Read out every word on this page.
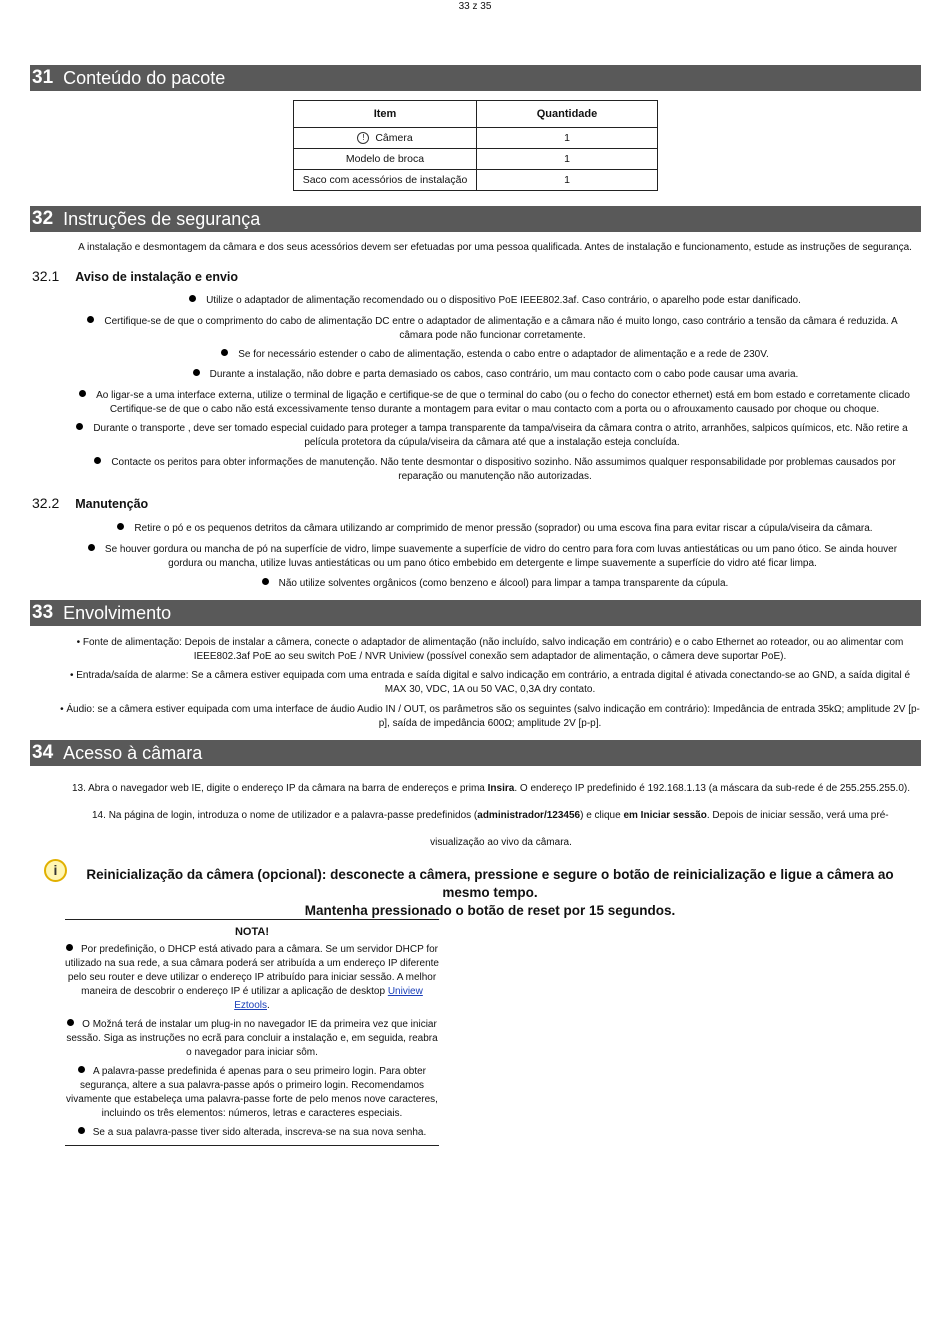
33 z 35
31 Conteúdo do pacote
Item	Quantidade
! Câmera	1
Modelo de broca	1
Saco com acessórios de instalação	1
32 Instruções de segurança
A instalação e desmontagem da câmara e dos seus acessórios devem ser efetuadas por uma pessoa qualificada. Antes de instalação e funcionamento, estude as instruções de segurança.
32.1 Aviso de instalação e envio
Utilize o adaptador de alimentação recomendado ou o dispositivo PoE IEEE802.3af. Caso contrário, o aparelho pode estar danificado.
Certifique-se de que o comprimento do cabo de alimentação DC entre o adaptador de alimentação e a câmara não é muito longo, caso contrário a tensão da câmara é reduzida. A câmara pode não funcionar corretamente.
Se for necessário estender o cabo de alimentação, estenda o cabo entre o adaptador de alimentação e a rede de 230V.
Durante a instalação, não dobre e parta demasiado os cabos, caso contrário, um mau contacto com o cabo pode causar uma avaria.
Ao ligar-se a uma interface externa, utilize o terminal de ligação e certifique-se de que o terminal do cabo (ou o fecho do conector ethernet) está em bom estado e corretamente clicado Certifique-se de que o cabo não está excessivamente tenso durante a montagem para evitar o mau contacto com a porta ou o afrouxamento causado por choque ou choque.
Durante o transporte , deve ser tomado especial cuidado para proteger a tampa transparente da tampa/viseira da câmara contra o atrito, arranhões, salpicos químicos, etc. Não retire a película protetora da cúpula/viseira da câmara até que a instalação esteja concluída.
Contacte os peritos para obter informações de manutenção. Não tente desmontar o dispositivo sozinho. Não assumimos qualquer responsabilidade por problemas causados por reparação ou manutenção não autorizadas.
32.2 Manutenção
Retire o pó e os pequenos detritos da câmara utilizando ar comprimido de menor pressão (soprador) ou uma escova fina para evitar riscar a cúpula/viseira da câmara.
Se houver gordura ou mancha de pó na superfície de vidro, limpe suavemente a superfície de vidro do centro para fora com luvas antiestáticas ou um pano ótico. Se ainda houver gordura ou mancha, utilize luvas antiestáticas ou um pano ótico embebido em detergente e limpe suavemente a superfície do vidro até ficar limpa.
Não utilize solventes orgânicos (como benzeno e álcool) para limpar a tampa transparente da cúpula.
33 Envolvimento
• Fonte de alimentação: Depois de instalar a câmera, conecte o adaptador de alimentação (não incluído, salvo indicação em contrário) e o cabo Ethernet ao roteador, ou ao alimentar com IEEE802.3af PoE ao seu switch PoE / NVR Uniview (possível conexão sem adaptador de alimentação, o câmera deve suportar PoE).
• Entrada/saída de alarme: Se a câmera estiver equipada com uma entrada e saída digital e salvo indicação em contrário, a entrada digital é ativada conectando-se ao GND, a saída digital é MAX 30, VDC, 1A ou 50 VAC, 0,3A dry contato.
• Áudio: se a câmera estiver equipada com uma interface de áudio Audio IN / OUT, os parâmetros são os seguintes (salvo indicação em contrário): Impedância de entrada 35kΩ; amplitude 2V [p-p], saída de impedância 600Ω; amplitude 2V [p-p].
34 Acesso à câmara
13. Abra o navegador web IE, digite o endereço IP da câmara na barra de endereços e prima Insira. O endereço IP predefinido é 192.168.1.13 (a máscara da sub-rede é de 255.255.255.0).
14. Na página de login, introduza o nome de utilizador e a palavra-passe predefinidos (administrador/123456) e clique em Iniciar sessão. Depois de iniciar sessão, verá uma pré-
visualização ao vivo da câmara.
i	Reinicialização da câmera (opcional): desconecte a câmera, pressione e segure o botão de reinicialização e ligue a câmera ao mesmo tempo.
Mantenha pressionado o botão de reset por 15 segundos.
NOTA!
Por predefinição, o DHCP está ativado para a câmara. Se um servidor DHCP for utilizado na sua rede, a sua câmara poderá ser atribuída a um endereço IP diferente pelo seu router e deve utilizar o endereço IP atribuído para iniciar sessão. A melhor maneira de descobrir o endereço IP é utilizar a aplicação de desktop Uniview Eztools.
O Možná terá de instalar um plug-in no navegador IE da primeira vez que iniciar sessão. Siga as instruções no ecrã para concluir a instalação e, em seguida, reabra o navegador para iniciar sôm.
A palavra-passe predefinida é apenas para o seu primeiro login. Para obter segurança, altere a sua palavra-passe após o primeiro login. Recomendamos vivamente que estabeleça uma palavra-passe forte de pelo menos nove caracteres, incluindo os três elementos: números, letras e caracteres especiais.
Se a sua palavra-passe tiver sido alterada, inscreva-se na sua nova senha.
